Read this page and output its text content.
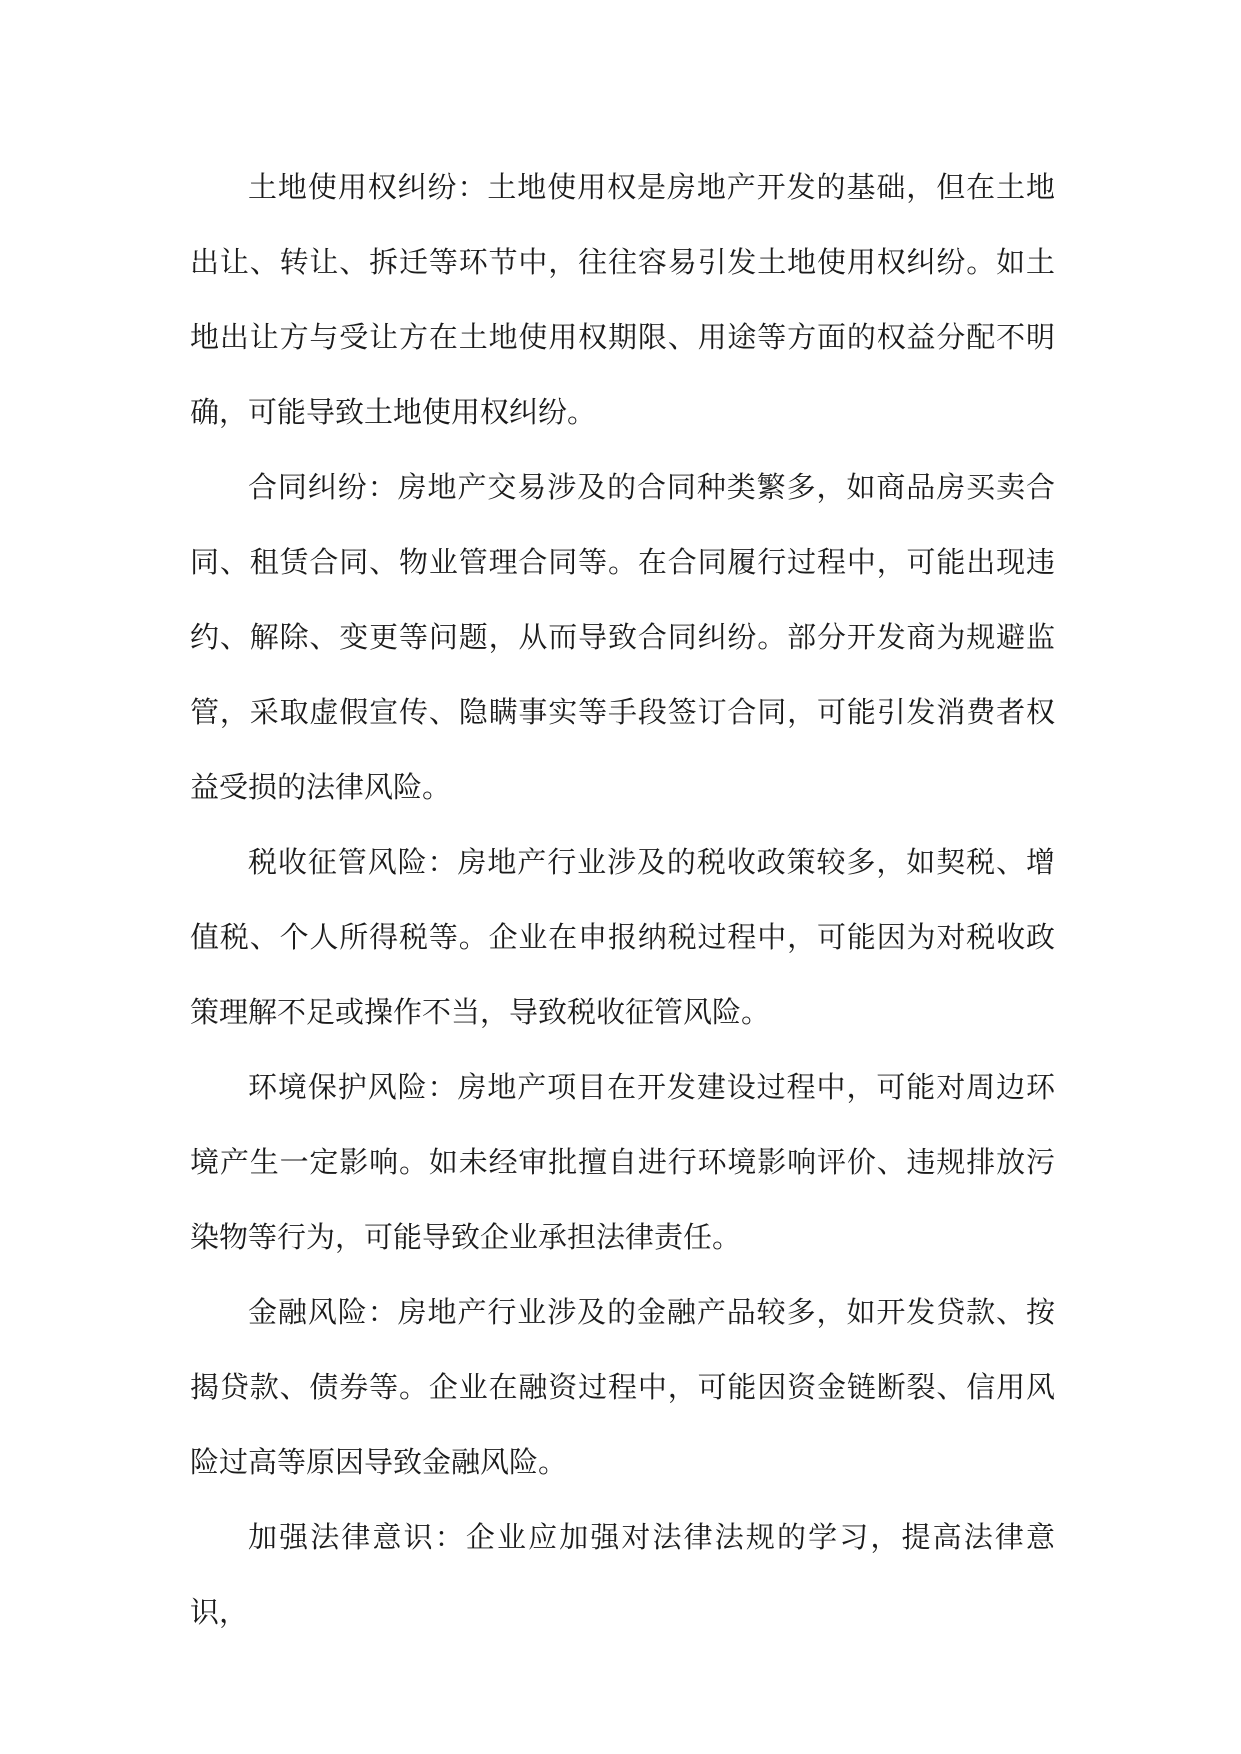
土地使用权纠纷：土地使用权是房地产开发的基础，但在土地出让、转让、拆迁等环节中，往往容易引发土地使用权纠纷。如土地出让方与受让方在土地使用权期限、用途等方面的权益分配不明确，可能导致土地使用权纠纷。

合同纠纷：房地产交易涉及的合同种类繁多，如商品房买卖合同、租赁合同、物业管理合同等。在合同履行过程中，可能出现违约、解除、变更等问题，从而导致合同纠纷。部分开发商为规避监管，采取虚假宣传、隐瞒事实等手段签订合同，可能引发消费者权益受损的法律风险。

税收征管风险：房地产行业涉及的税收政策较多，如契税、增值税、个人所得税等。企业在申报纳税过程中，可能因为对税收政策理解不足或操作不当，导致税收征管风险。

环境保护风险：房地产项目在开发建设过程中，可能对周边环境产生一定影响。如未经审批擅自进行环境影响评价、违规排放污染物等行为，可能导致企业承担法律责任。

金融风险：房地产行业涉及的金融产品较多，如开发贷款、按揭贷款、债券等。企业在融资过程中，可能因资金链断裂、信用风险过高等原因导致金融风险。

加强法律意识：企业应加强对法律法规的学习，提高法律意识，
